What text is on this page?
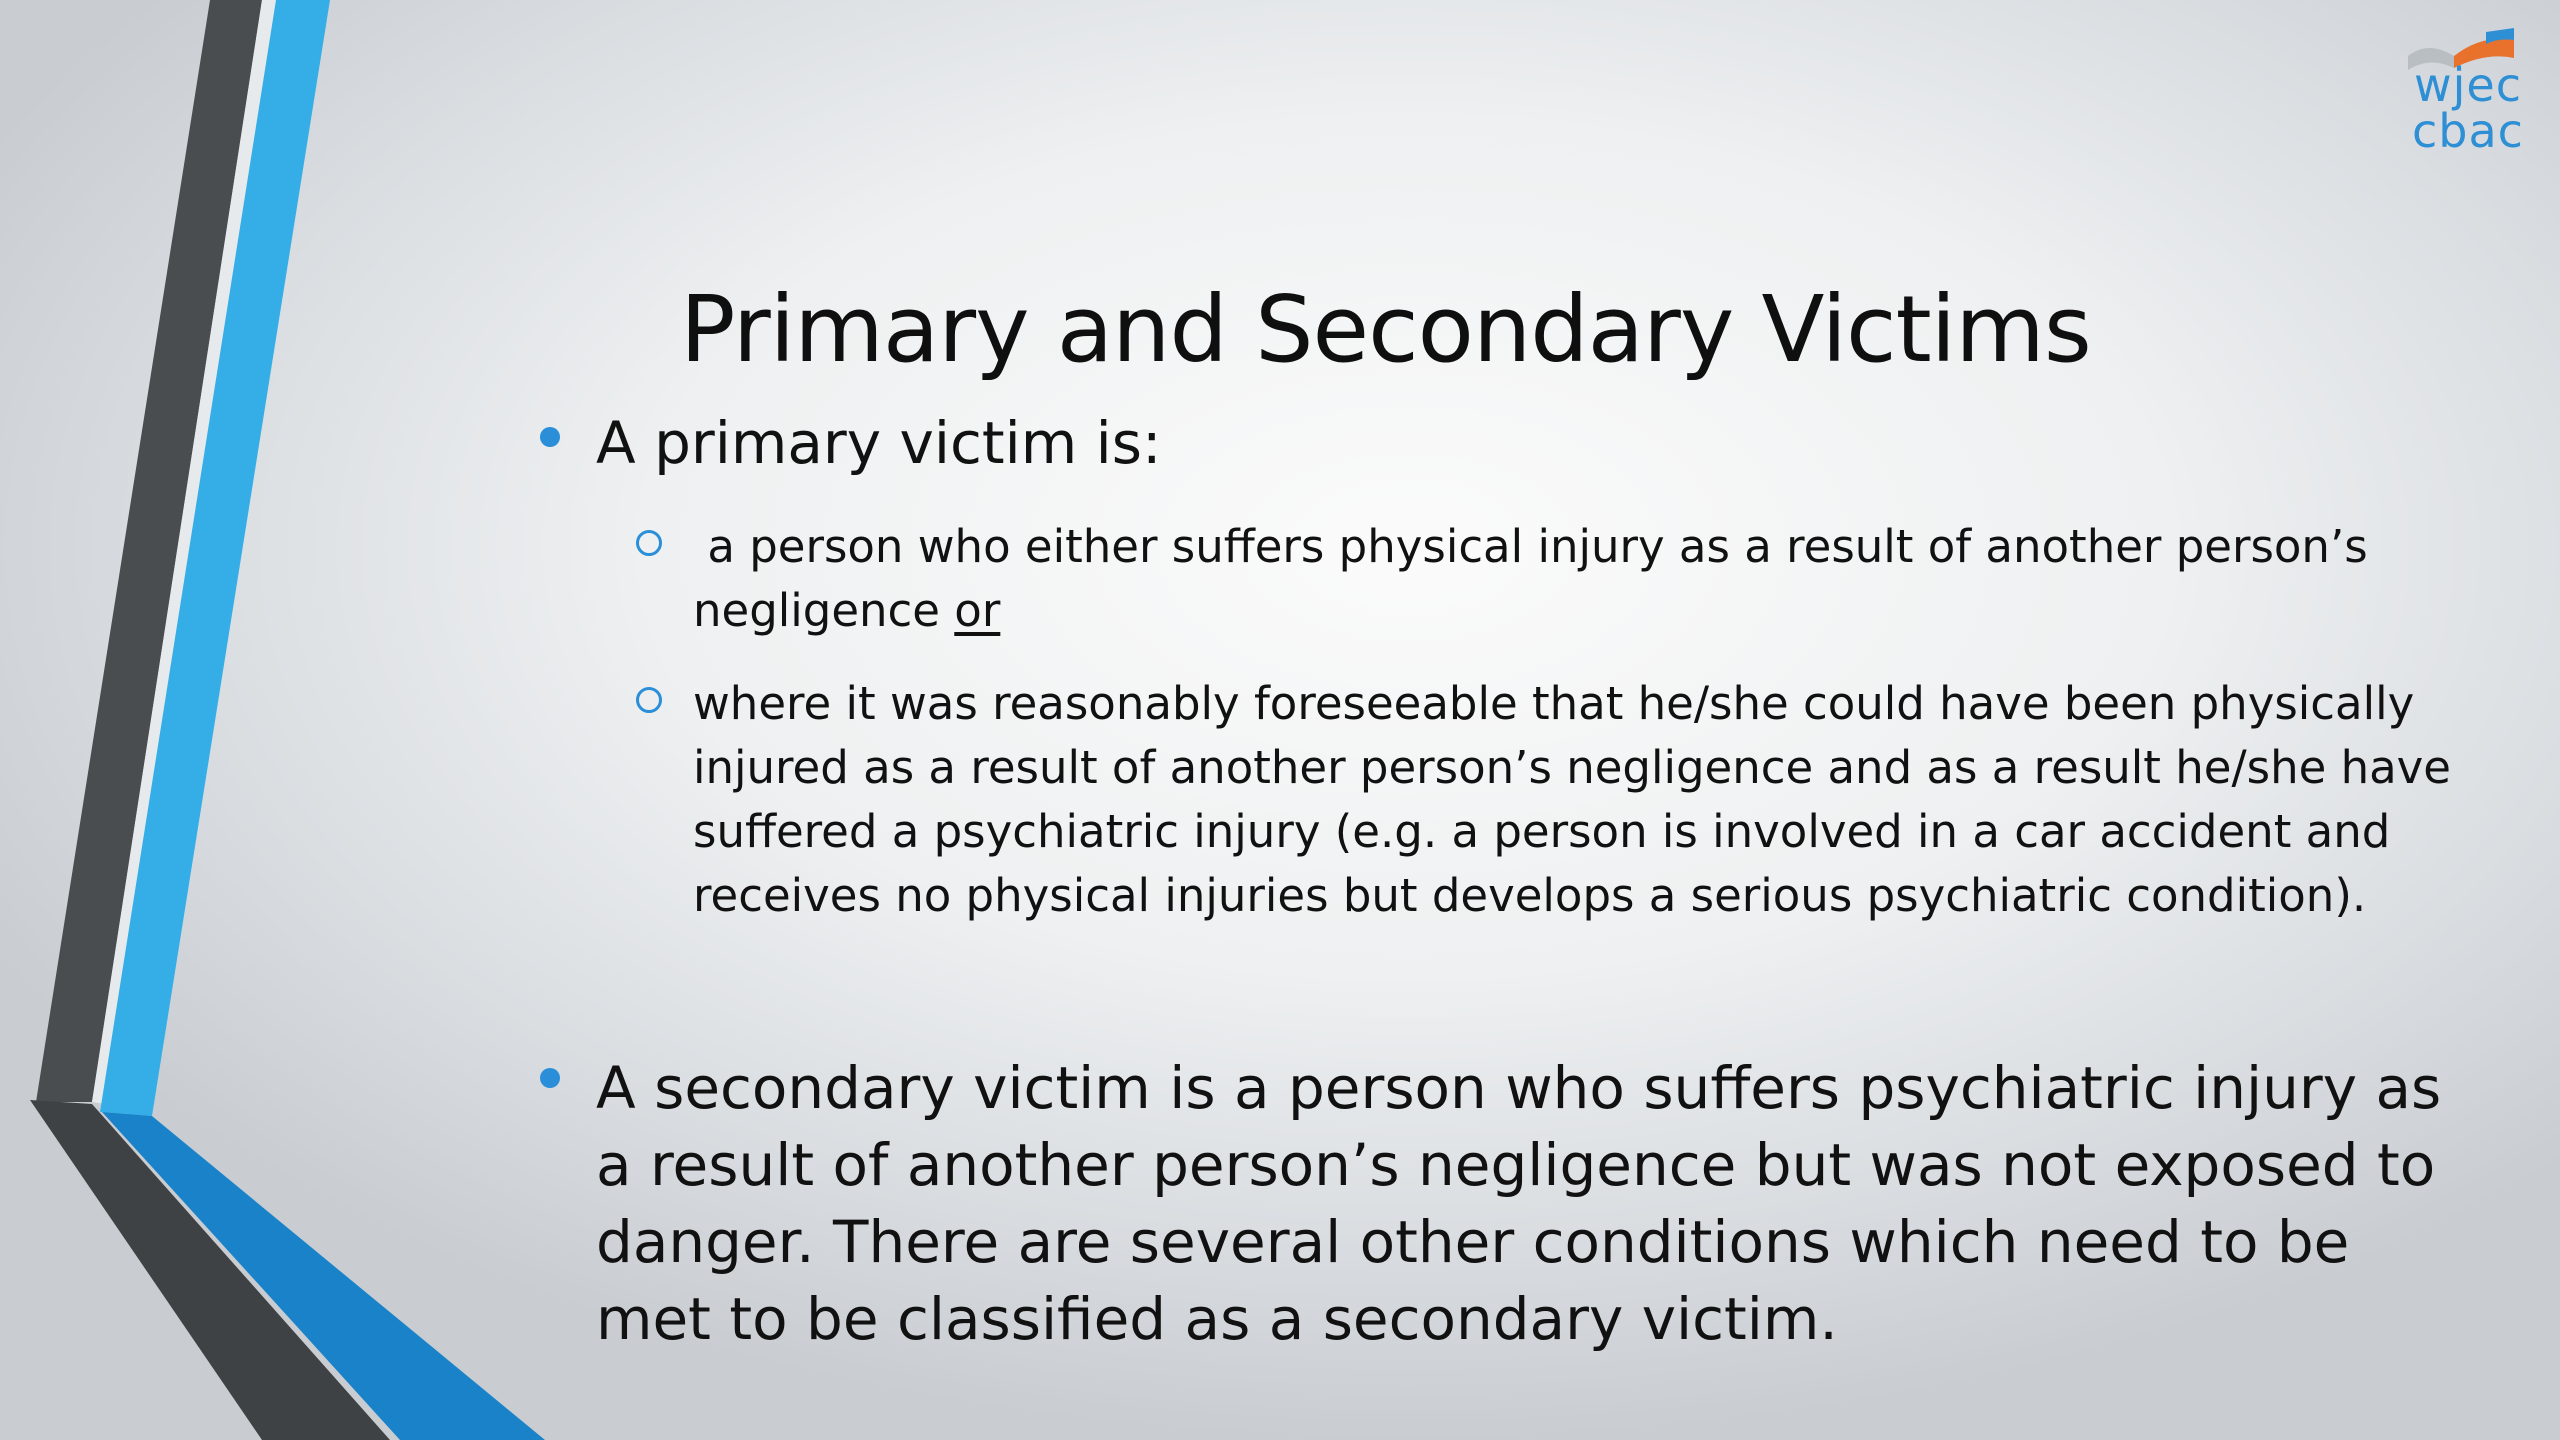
wjec
cbac
Primary and Secondary Victims
A primary victim is:
a person who either suffers physical injury as a result of another person’s negligence or
where it was reasonably foreseeable that he/she could have been physically injured as a result of another person’s negligence and as a result he/she have suffered a psychiatric injury (e.g. a person is involved in a car accident and receives no physical injuries but develops a serious psychiatric condition).
A secondary victim is a person who suffers psychiatric injury as a result of another person’s negligence but was not exposed to danger. There are several other conditions which need to be met to be classified as a secondary victim.
